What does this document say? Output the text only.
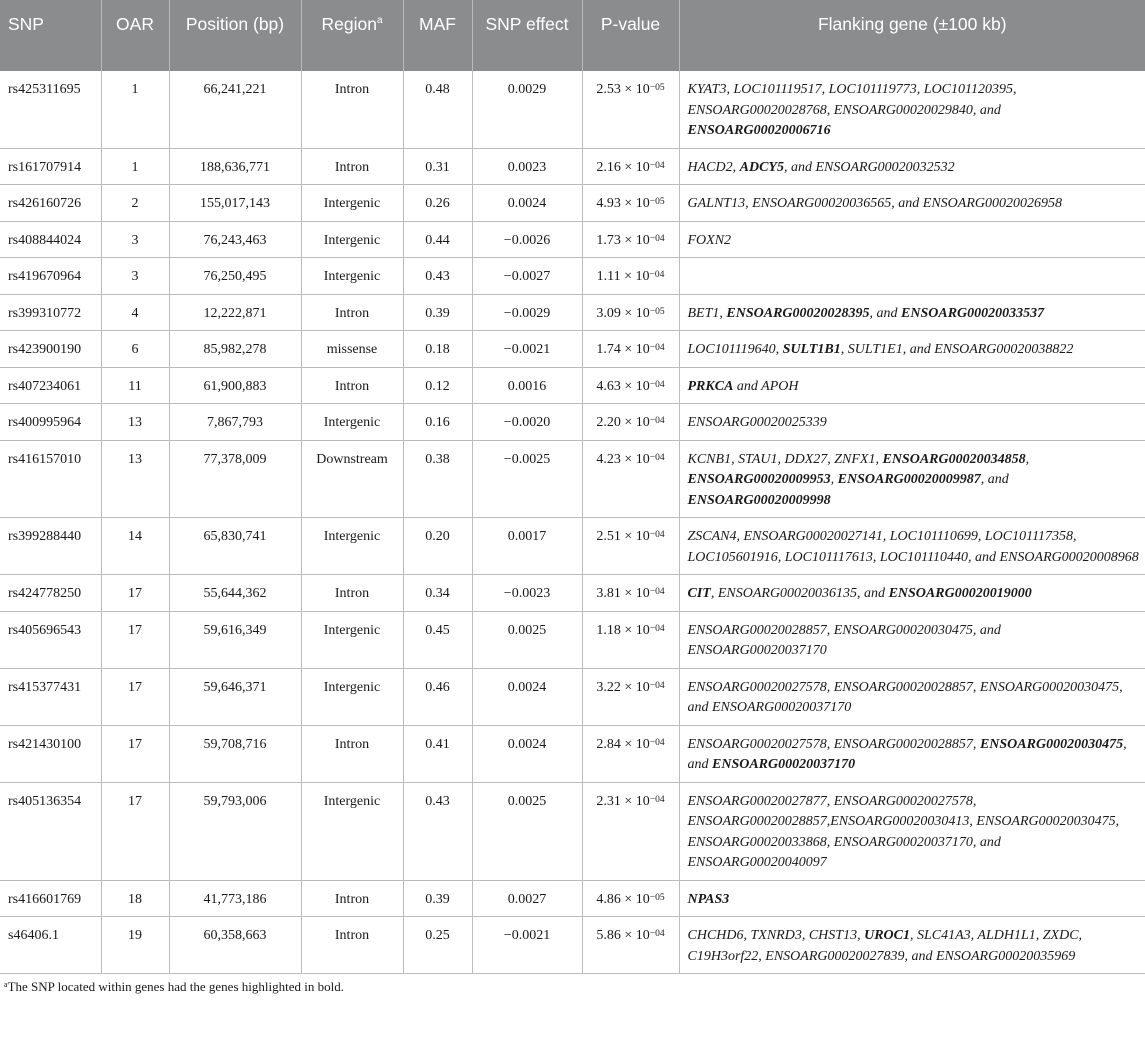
SNP	OAR	Position (bp)	Region$^a$	MAF	SNP effect	P-value	Flanking gene (±100 kb)
rs425311695	1	66,241,221	Intron	0.48	0.0029	$2.53 \times 10^{-05}$	KYAT3, LOC101119517, LOC101119773, LOC101120395, ENSOARG00020028768, ENSOARG00020029840, and ENSOARG00020006716
rs161707914	1	188,636,771	Intron	0.31	0.0023	$2.16 \times 10^{-04}$	HACD2, ADCY5, and ENSOARG00020032532
rs426160726	2	155,017,143	Intergenic	0.26	0.0024	$4.93 \times 10^{-05}$	GALNT13, ENSOARG00020036565, and ENSOARG00020026958
rs408844024	3	76,243,463	Intergenic	0.44	−0.0026	$1.73 \times 10^{-04}$	FOXN2
rs419670964	3	76,250,495	Intergenic	0.43	−0.0027	$1.11 \times 10^{-04}$	
rs399310772	4	12,222,871	Intron	0.39	−0.0029	$3.09 \times 10^{-05}$	BET1, ENSOARG00020028395, and ENSOARG00020033537
rs423900190	6	85,982,278	missense	0.18	−0.0021	$1.74 \times 10^{-04}$	LOC101119640, SULT1B1, SULT1E1, and ENSOARG00020038822
rs407234061	11	61,900,883	Intron	0.12	0.0016	$4.63 \times 10^{-04}$	PRKCA and APOH
rs400995964	13	7,867,793	Intergenic	0.16	−0.0020	$2.20 \times 10^{-04}$	ENSOARG00020025339
rs416157010	13	77,378,009	Downstream	0.38	−0.0025	$4.23 \times 10^{-04}$	KCNB1, STAU1, DDX27, ZNFX1, ENSOARG00020034858, ENSOARG00020009953, ENSOARG00020009987, and ENSOARG00020009998
rs399288440	14	65,830,741	Intergenic	0.20	0.0017	$2.51 \times 10^{-04}$	ZSCAN4, ENSOARG00020027141, LOC101110699, LOC101117358, LOC105601916, LOC101117613, LOC101110440, and ENSOARG00020008968
rs424778250	17	55,644,362	Intron	0.34	−0.0023	$3.81 \times 10^{-04}$	CIT, ENSOARG00020036135, and ENSOARG00020019000
rs405696543	17	59,616,349	Intergenic	0.45	0.0025	$1.18 \times 10^{-04}$	ENSOARG00020028857, ENSOARG00020030475, and ENSOARG00020037170
rs415377431	17	59,646,371	Intergenic	0.46	0.0024	$3.22 \times 10^{-04}$	ENSOARG00020027578, ENSOARG00020028857, ENSOARG00020030475, and ENSOARG00020037170
rs421430100	17	59,708,716	Intron	0.41	0.0024	$2.84 \times 10^{-04}$	ENSOARG00020027578, ENSOARG00020028857, ENSOARG00020030475, and ENSOARG00020037170
rs405136354	17	59,793,006	Intergenic	0.43	0.0025	$2.31 \times 10^{-04}$	ENSOARG00020027877, ENSOARG00020027578, ENSOARG00020028857,ENSOARG00020030413, ENSOARG00020030475, ENSOARG00020033868, ENSOARG00020037170, and ENSOARG00020040097
rs416601769	18	41,773,186	Intron	0.39	0.0027	$4.86 \times 10^{-05}$	NPAS3
s46406.1	19	60,358,663	Intron	0.25	−0.0021	$5.86 \times 10^{-04}$	CHCHD6, TXNRD3, CHST13, UROC1, SLC41A3, ALDH1L1, ZXDC, C19H3orf22, ENSOARG00020027839, and ENSOARG00020035969
$^a$The SNP located within genes had the genes highlighted in bold.
